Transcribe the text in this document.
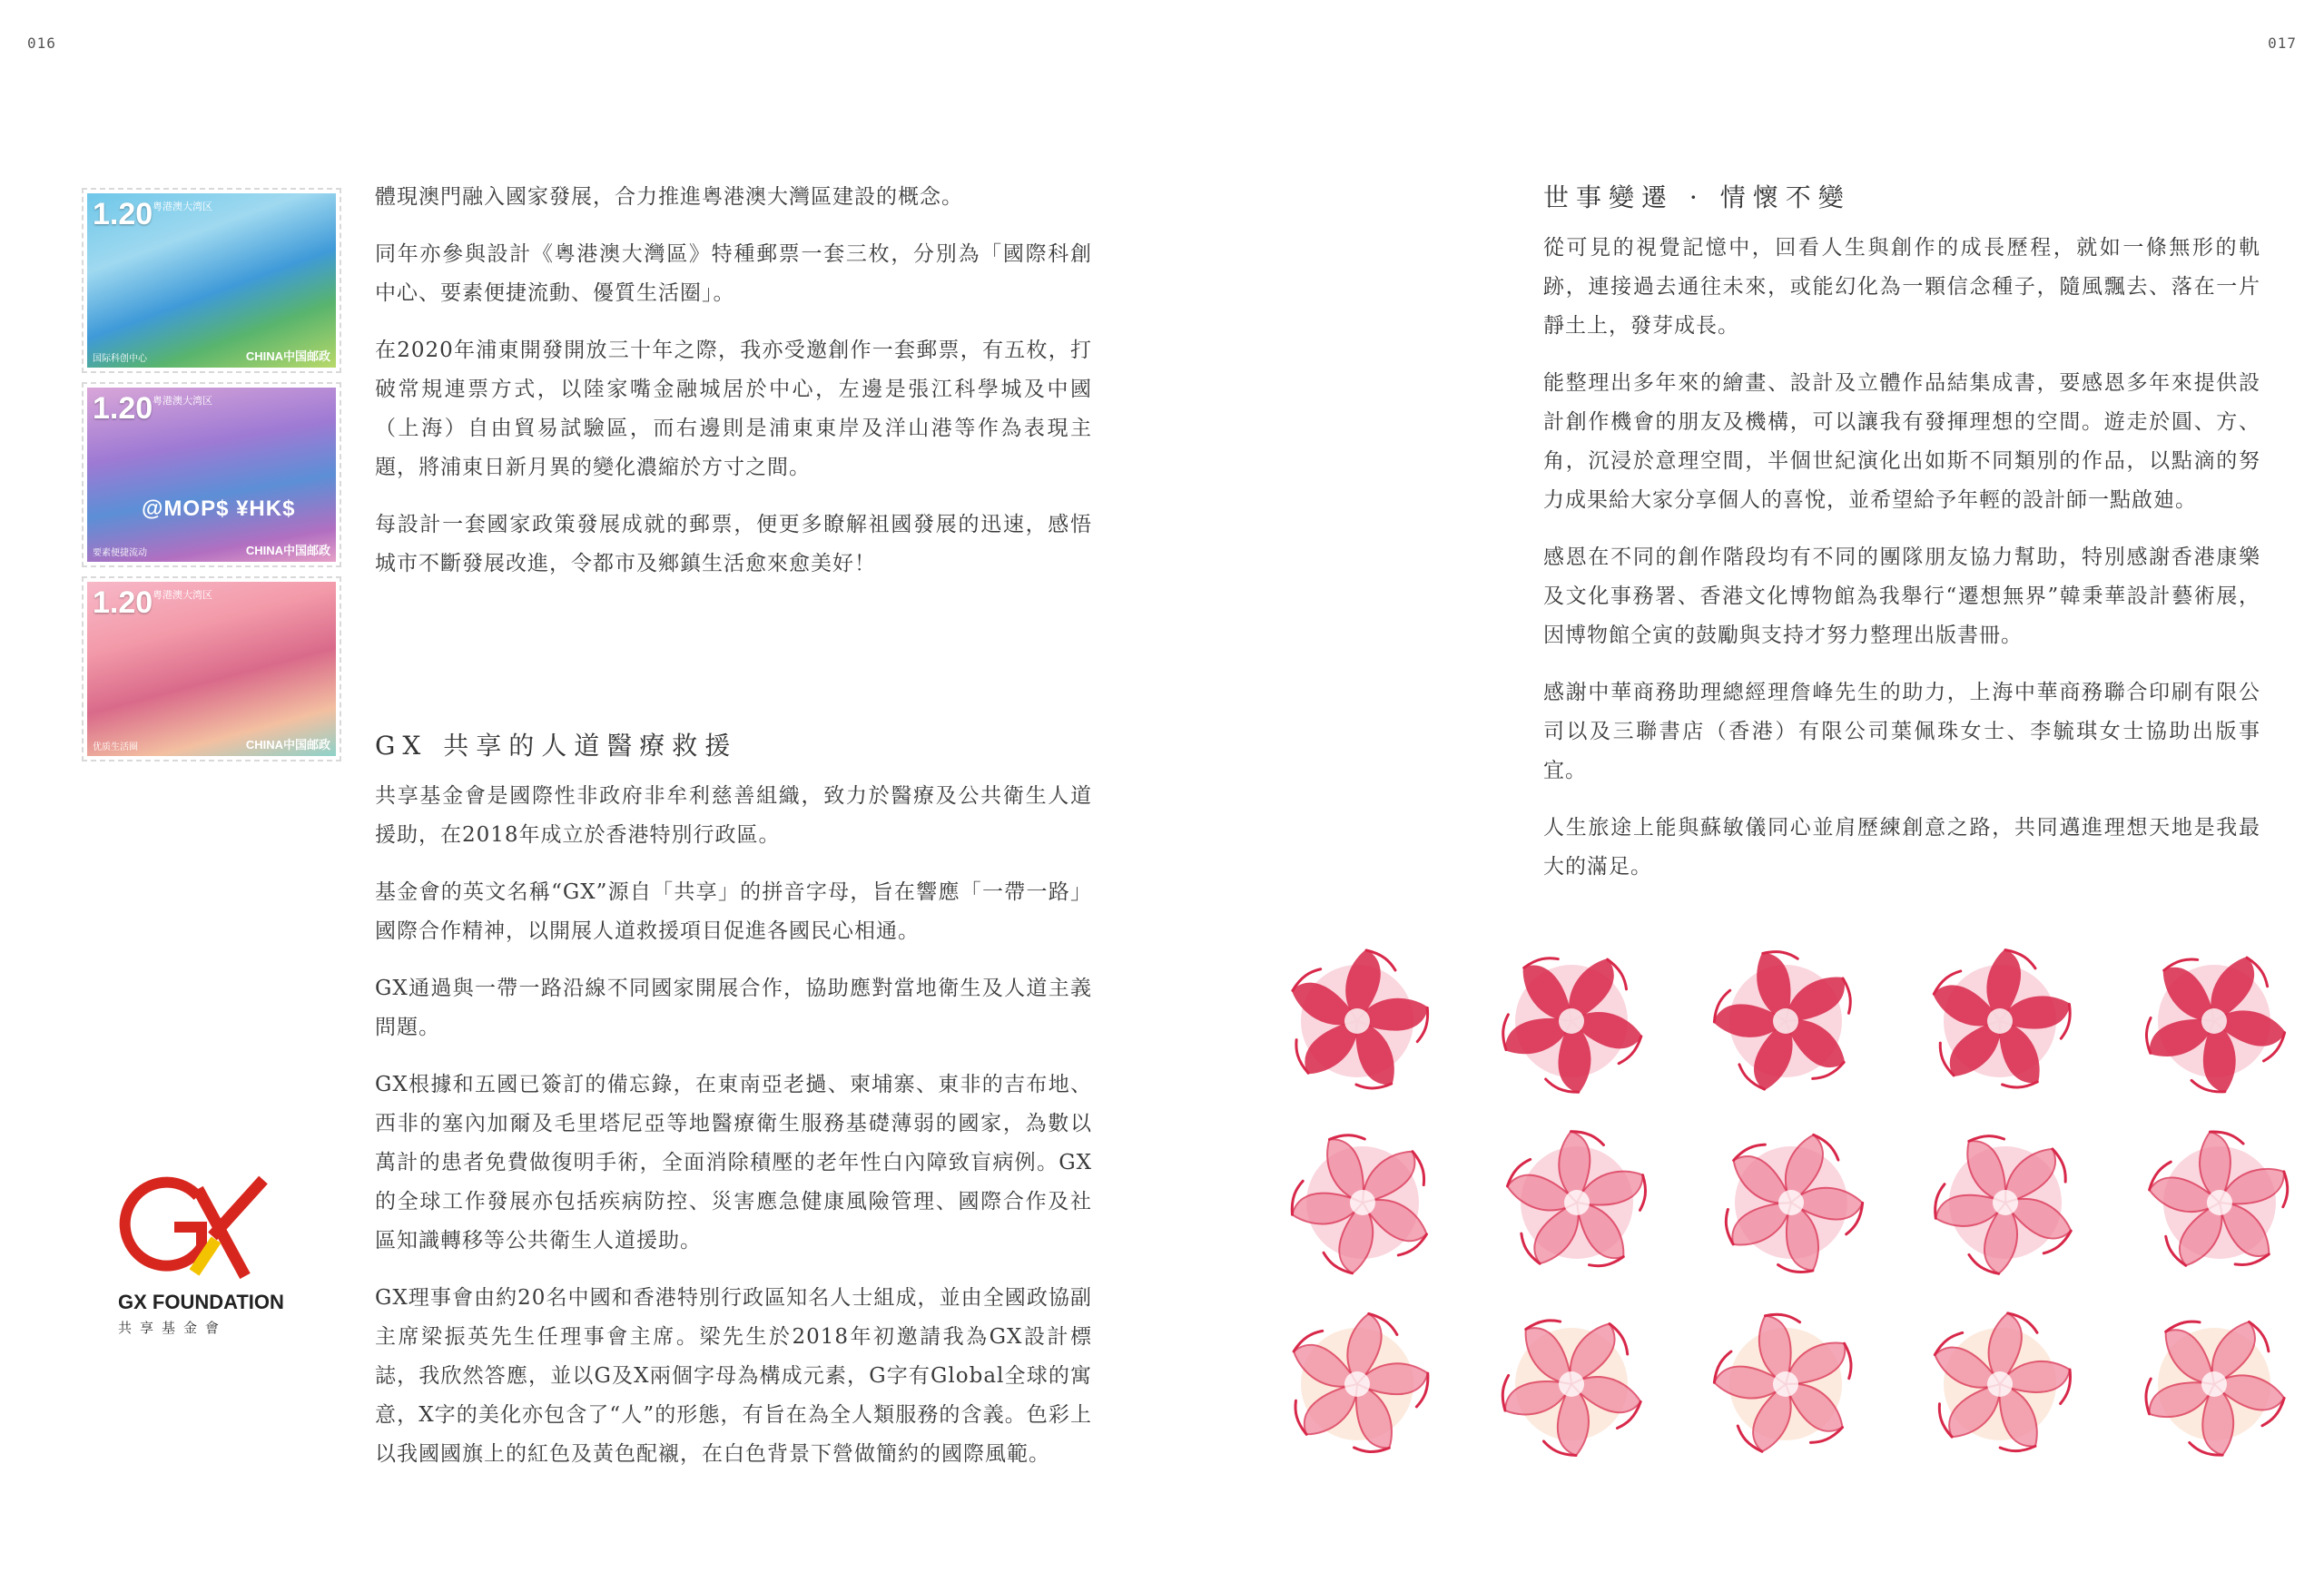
016	017
1.20 粤港澳大湾区
国际科创中心	CHINA中国邮政
1.20 粤港澳大湾区
@MOP$ ¥HK$
要素便捷流动	CHINA中国邮政
1.20 粤港澳大湾区
优质生活圈	CHINA中国邮政

體現澳門融入國家發展，合力推進粵港澳大灣區建設的概念。

同年亦參與設計《粵港澳大灣區》特種郵票一套三枚，分別為「國際科創中心、要素便捷流動、優質生活圈」。

在2020年浦東開發開放三十年之際，我亦受邀創作一套郵票，有五枚，打破常規連票方式，以陸家嘴金融城居於中心，左邊是張江科學城及中國（上海）自由貿易試驗區，而右邊則是浦東東岸及洋山港等作為表現主題，將浦東日新月異的變化濃縮於方寸之間。

每設計一套國家政策發展成就的郵票，便更多瞭解祖國發展的迅速，感悟城市不斷發展改進，令都市及鄉鎮生活愈來愈美好！

GX 共享的人道醫療救援

共享基金會是國際性非政府非牟利慈善組織，致力於醫療及公共衛生人道援助，在2018年成立於香港特別行政區。

基金會的英文名稱“GX”源自「共享」的拼音字母，旨在響應「一帶一路」國際合作精神，以開展人道救援項目促進各國民心相通。

GX通過與一帶一路沿線不同國家開展合作，協助應對當地衛生及人道主義問題。

GX根據和五國已簽訂的備忘錄，在東南亞老撾、柬埔寨、東非的吉布地、西非的塞內加爾及毛里塔尼亞等地醫療衛生服務基礎薄弱的國家，為數以萬計的患者免費做復明手術，全面消除積壓的老年性白內障致盲病例。GX的全球工作發展亦包括疾病防控、災害應急健康風險管理、國際合作及社區知識轉移等公共衛生人道援助。

GX理事會由約20名中國和香港特別行政區知名人士組成，並由全國政協副主席梁振英先生任理事會主席。梁先生於2018年初邀請我為GX設計標誌，我欣然答應，並以G及X兩個字母為構成元素，G字有Global全球的寓意，X字的美化亦包含了“人”的形態，有旨在為全人類服務的含義。色彩上以我國國旗上的紅色及黃色配襯，在白色背景下營做簡約的國際風範。

GX FOUNDATION
共享基金會
世事變遷 · 情懷不變

從可見的視覺記憶中，回看人生與創作的成長歷程，就如一條無形的軌跡，連接過去通往未來，或能幻化為一顆信念種子，隨風飄去、落在一片靜土上，發芽成長。

能整理出多年來的繪畫、設計及立體作品結集成書，要感恩多年來提供設計創作機會的朋友及機構，可以讓我有發揮理想的空間。遊走於圓、方、角，沉浸於意理空間，半個世紀演化出如斯不同類別的作品，以點滴的努力成果給大家分享個人的喜悅，並希望給予年輕的設計師一點啟廸。

感恩在不同的創作階段均有不同的團隊朋友協力幫助，特別感謝香港康樂及文化事務署、香港文化博物館為我舉行“遷想無界”韓秉華設計藝術展，因博物館仝寅的鼓勵與支持才努力整理出版書冊。

感謝中華商務助理總經理詹峰先生的助力，上海中華商務聯合印刷有限公司以及三聯書店（香港）有限公司葉佩珠女士、李毓琪女士協助出版事宜。

人生旅途上能與蘇敏儀同心並肩歷練創意之路，共同邁進理想天地是我最大的滿足。
